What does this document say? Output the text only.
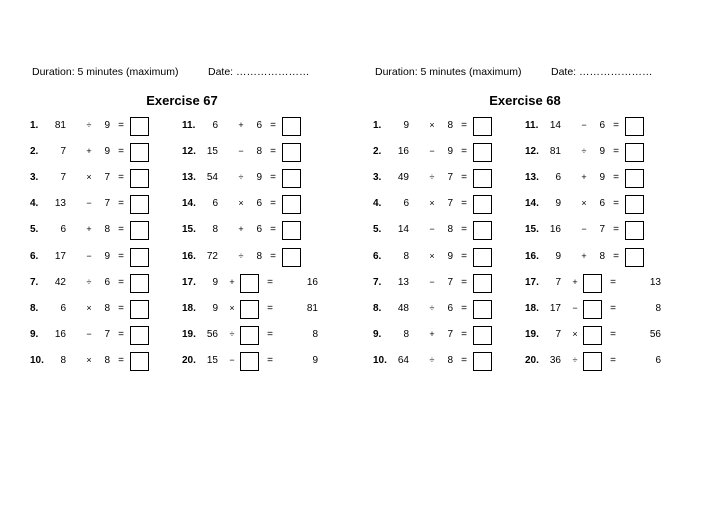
Duration: 5 minutes (maximum)	Date: …………………
Exercise 67
1.	81 ÷	9 =
2.	7 +	9 =
3.	7 ×	7 =
4.	13 −	7 =
5.	6 +	8 =
6.	17 −	9 =
7.	42 ÷	6 =
8.	6 ×	8 =
9.	16 −	7 =
10.	8 ×	8 =
11.	6 +	6 =
12.	15 −	8 =
13.	54 ÷	9 =
14.	6 ×	6 =
15.	8 +	6 =
16.	72 ÷	8 =
17.	9 +	=	16
18.	9 ×	=	81
19.	56 ÷	=	8
20.	15 −	=	9
Duration: 5 minutes (maximum)	Date: …………………
Exercise 68
1.	9 ×	8 =
2.	16 −	9 =
3.	49 ÷	7 =
4.	6 ×	7 =
5.	14 −	8 =
6.	8 ×	9 =
7.	13 −	7 =
8.	48 ÷	6 =
9.	8 +	7 =
10.	64 ÷	8 =
11.	14 −	6 =
12.	81 ÷	9 =
13.	6 +	9 =
14.	9 ×	6 =
15.	16 −	7 =
16.	9 +	8 =
17.	7 +	=	13
18.	17 −	=	8
19.	7 ×	=	56
20.	36 ÷	=	6
